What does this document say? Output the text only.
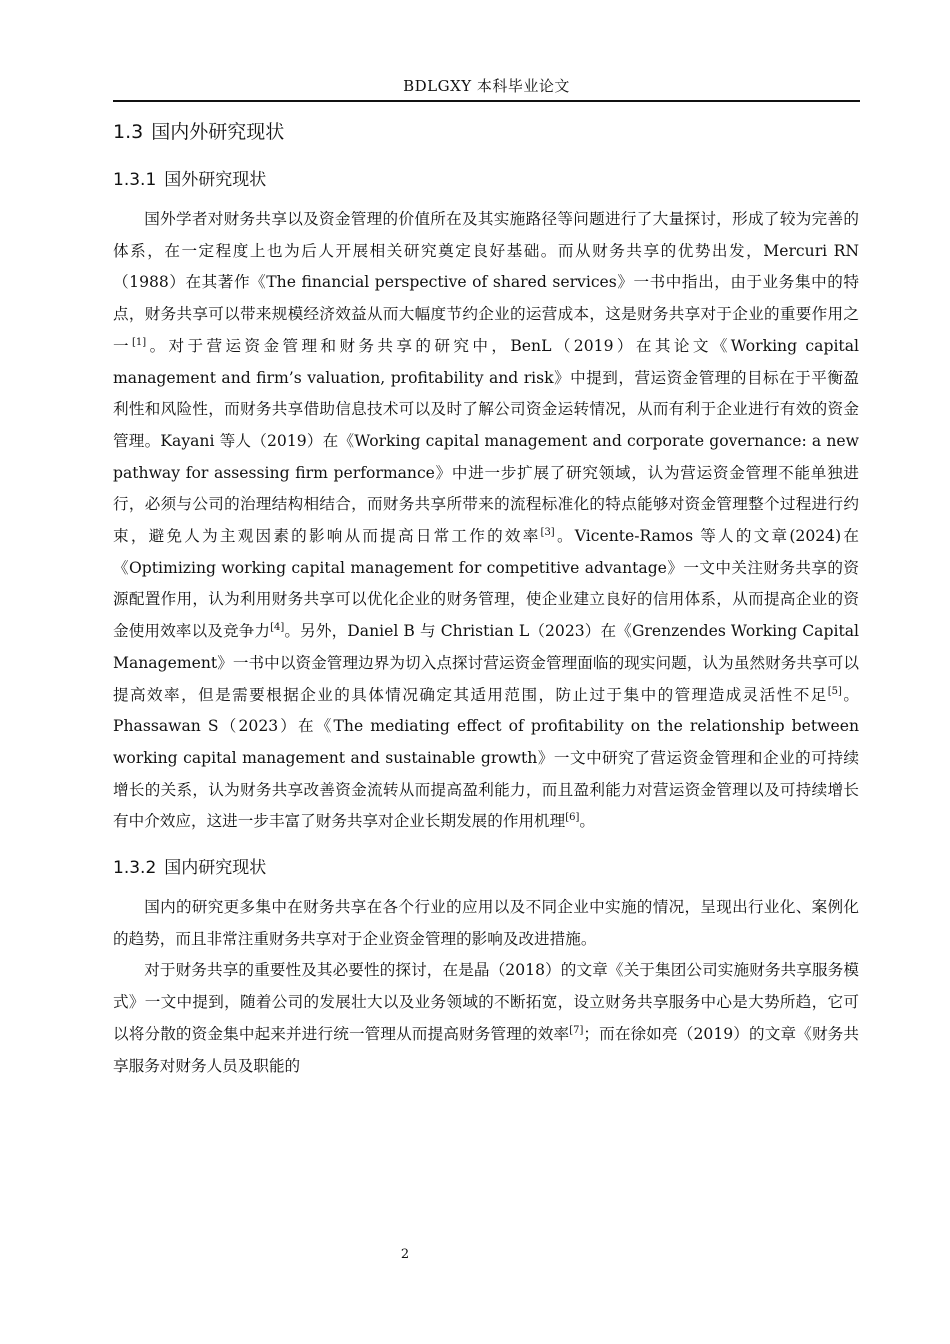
BDLGXY 本科毕业论文
1.3 国内外研究现状
1.3.1 国外研究现状

国外学者对财务共享以及资金管理的价值所在及其实施路径等问题进行了大量探讨，形成了较为完善的体系，在一定程度上也为后人开展相关研究奠定良好基础。而从财务共享的优势出发，Mercuri RN（1988）在其著作《The financial perspective of shared services》一书中指出，由于业务集中的特点，财务共享可以带来规模经济效益从而大幅度节约企业的运营成本，这是财务共享对于企业的重要作用之一[1]。对于营运资金管理和财务共享的研究中，BenL（2019）在其论文《Working capital management and firm’s valuation, profitability and risk》中提到，营运资金管理的目标在于平衡盈利性和风险性，而财务共享借助信息技术可以及时了解公司资金运转情况，从而有利于企业进行有效的资金管理。Kayani 等人（2019）在《Working capital management and corporate governance: a new pathway for assessing firm performance》中进一步扩展了研究领域，认为营运资金管理不能单独进行，必须与公司的治理结构相结合，而财务共享所带来的流程标准化的特点能够对资金管理整个过程进行约束，避免人为主观因素的影响从而提高日常工作的效率[3]。Vicente-Ramos 等人的文章(2024)在《Optimizing working capital management for competitive advantage》一文中关注财务共享的资源配置作用，认为利用财务共享可以优化企业的财务管理，使企业建立良好的信用体系，从而提高企业的资金使用效率以及竞争力[4]。另外，Daniel B 与 Christian L（2023）在《Grenzendes Working Capital Management》一书中以资金管理边界为切入点探讨营运资金管理面临的现实问题，认为虽然财务共享可以提高效率，但是需要根据企业的具体情况确定其适用范围，防止过于集中的管理造成灵活性不足[5]。Phassawan S（2023）在《The mediating effect of profitability on the relationship between working capital management and sustainable growth》一文中研究了营运资金管理和企业的可持续增长的关系，认为财务共享改善资金流转从而提高盈利能力，而且盈利能力对营运资金管理以及可持续增长有中介效应，这进一步丰富了财务共享对企业长期发展的作用机理[6]。

1.3.2 国内研究现状

国内的研究更多集中在财务共享在各个行业的应用以及不同企业中实施的情况，呈现出行业化、案例化的趋势，而且非常注重财务共享对于企业资金管理的影响及改进措施。

对于财务共享的重要性及其必要性的探讨，在是晶（2018）的文章《关于集团公司实施财务共享服务模式》一文中提到，随着公司的发展壮大以及业务领域的不断拓宽，设立财务共享服务中心是大势所趋，它可以将分散的资金集中起来并进行统一管理从而提高财务管理的效率[7]；而在徐如亮（2019）的文章《财务共享服务对财务人员及职能的

2
